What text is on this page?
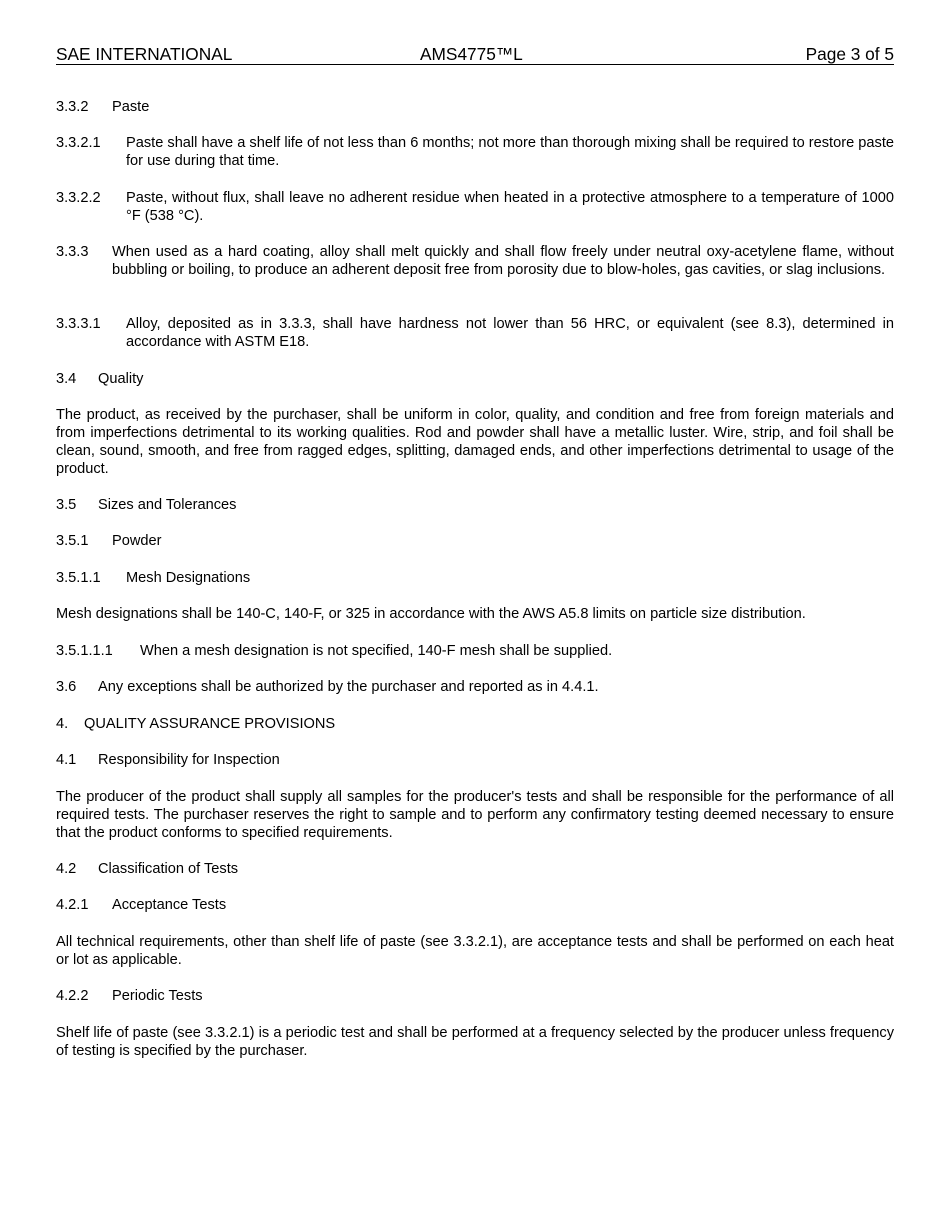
SAE INTERNATIONAL	AMS4775™L	Page 3 of 5
3.3.2 Paste
3.3.2.1	Paste shall have a shelf life of not less than 6 months; not more than thorough mixing shall be required to restore paste for use during that time.
3.3.2.2	Paste, without flux, shall leave no adherent residue when heated in a protective atmosphere to a temperature of 1000 °F (538 °C).
3.3.3	When used as a hard coating, alloy shall melt quickly and shall flow freely under neutral oxy-acetylene flame, without bubbling or boiling, to produce an adherent deposit free from porosity due to blow-holes, gas cavities, or slag inclusions.
3.3.3.1	Alloy, deposited as in 3.3.3, shall have hardness not lower than 56 HRC, or equivalent (see 8.3), determined in accordance with ASTM E18.
3.4 Quality
The product, as received by the purchaser, shall be uniform in color, quality, and condition and free from foreign materials and from imperfections detrimental to its working qualities. Rod and powder shall have a metallic luster. Wire, strip, and foil shall be clean, sound, smooth, and free from ragged edges, splitting, damaged ends, and other imperfections detrimental to usage of the product.
3.5 Sizes and Tolerances
3.5.1 Powder
3.5.1.1 Mesh Designations
Mesh designations shall be 140-C, 140-F, or 325 in accordance with the AWS A5.8 limits on particle size distribution.
3.5.1.1.1 When a mesh designation is not specified, 140-F mesh shall be supplied.
3.6 Any exceptions shall be authorized by the purchaser and reported as in 4.4.1.
4. QUALITY ASSURANCE PROVISIONS
4.1 Responsibility for Inspection
The producer of the product shall supply all samples for the producer's tests and shall be responsible for the performance of all required tests. The purchaser reserves the right to sample and to perform any confirmatory testing deemed necessary to ensure that the product conforms to specified requirements.
4.2 Classification of Tests
4.2.1 Acceptance Tests
All technical requirements, other than shelf life of paste (see 3.3.2.1), are acceptance tests and shall be performed on each heat or lot as applicable.
4.2.2 Periodic Tests
Shelf life of paste (see 3.3.2.1) is a periodic test and shall be performed at a frequency selected by the producer unless frequency of testing is specified by the purchaser.
